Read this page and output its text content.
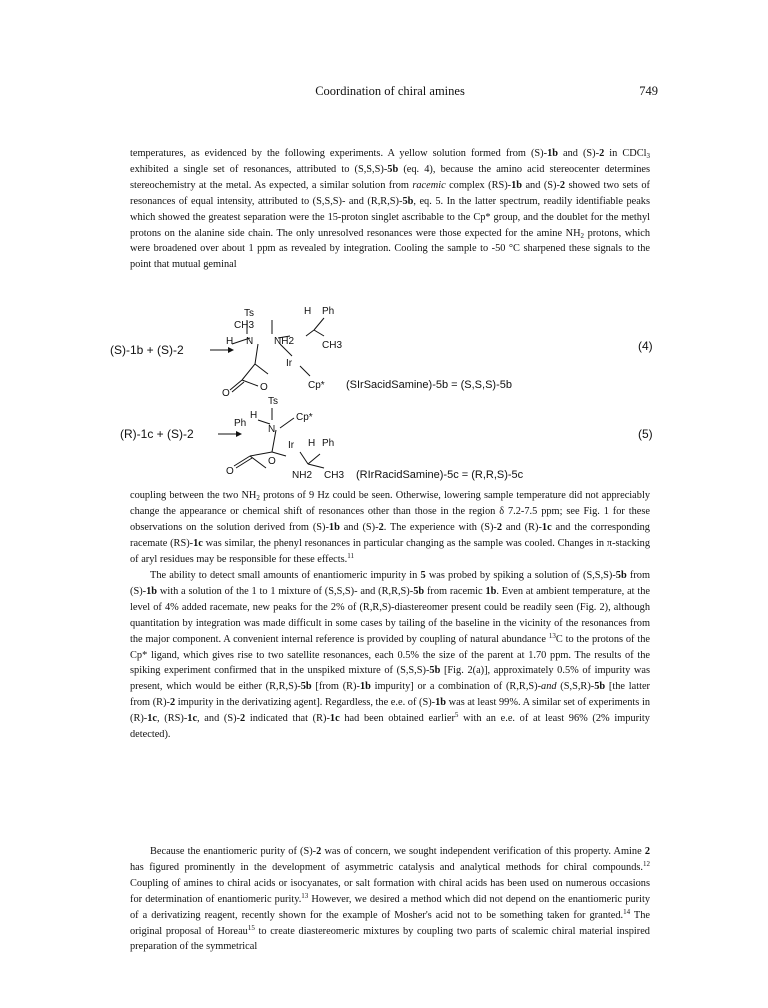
Coordination of chiral amines	749

temperatures, as evidenced by the following experiments. A yellow solution formed from (S)-1b and (S)-2 in CDCl$_3$ exhibited a single set of resonances, attributed to (S,S,S)-5b (eq. 4), because the amino acid stereocenter determines stereochemistry at the metal. As expected, a similar solution from racemic complex (RS)-1b and (S)-2 showed two sets of resonances of equal intensity, attributed to (S,S,S)- and (R,R,S)-5b, eq. 5. In the latter spectrum, readily identifiable peaks which showed the greatest separation were the 15-proton singlet ascribable to the Cp* group, and the doublet for the methyl protons on the alanine side chain. The only unresolved resonances were those expected for the amine $NH_2$ protons, which were broadened over about 1 ppm as revealed by integration. Cooling the sample to -50 °C sharpened these signals to the point that mutual geminal

(S)-1b + (S)-2
Ts
CH3
N
H	NH2
H Ph
CH3
Ir
O
O
Cp* (SIrSacidSamine)-5b = (S,S,S)-5b
(4)
(R)-1c + (S)-2
Ts
H
Ph
N
Cp*
Ir H Ph
O
O	NH2 CH3 (RIrRacidSamine)-5c = (R,R,S)-5c
(5)

coupling between the two $NH_2$ protons of 9 Hz could be seen. Otherwise, lowering sample temperature did not appreciably change the appearance or chemical shift of resonances other than those in the region δ 7.2-7.5 ppm; see Fig. 1 for these observations on the solution derived from (S)-1b and (S)-2. The experience with (S)-2 and (R)-1c and the corresponding racemate (RS)-1c was similar, the phenyl resonances in particular changing as the sample was cooled. Changes in π-stacking of aryl residues may be responsible for these effects.$^{11}$

The ability to detect small amounts of enantiomeric impurity in 5 was probed by spiking a solution of (S,S,S)-5b from (S)-1b with a solution of the 1 to 1 mixture of (S,S,S)- and (R,R,S)-5b from racemic 1b. Even at ambient temperature, at the level of 4% added racemate, new peaks for the 2% of (R,R,S)-diastereomer present could be readily seen (Fig. 2), although quantitation by integration was made difficult in some cases by tailing of the baseline in the vicinity of the resonances from the major component. A convenient internal reference is provided by coupling of natural abundance $^{13}$C to the protons of the Cp* ligand, which gives rise to two satellite resonances, each 0.5% the size of the parent at 1.70 ppm. The results of the spiking experiment confirmed that in the unspiked mixture of (S,S,S)-5b [Fig. 2(a)], approximately 0.5% of impurity was present, which would be either (R,R,S)-5b [from (R)-1b impurity] or a combination of (R,R,S)-and (S,S,R)-5b [the latter from (R)-2 impurity in the derivatizing agent]. Regardless, the e.e. of (S)-1b was at least 99%. A similar set of experiments in (R)-1c, (RS)-1c, and (S)-2 indicated that (R)-1c had been obtained earlier$^5$ with an e.e. of at least 96% (2% impurity detected).

Because the enantiomeric purity of (S)-2 was of concern, we sought independent verification of this property. Amine 2 has figured prominently in the development of asymmetric catalysis and analytical methods for chiral compounds.$^{12}$ Coupling of amines to chiral acids or isocyanates, or salt formation with chiral acids has been used on numerous occasions for determination of enantiomeric purity.$^{13}$ However, we desired a method which did not depend on the enantiomeric purity of a derivatizing reagent, recently shown for the example of Mosher's acid not to be something taken for granted.$^{14}$ The original proposal of Horeau$^{15}$ to create diastereomeric mixtures by coupling two parts of scalemic chiral material inspired preparation of the symmetrical
